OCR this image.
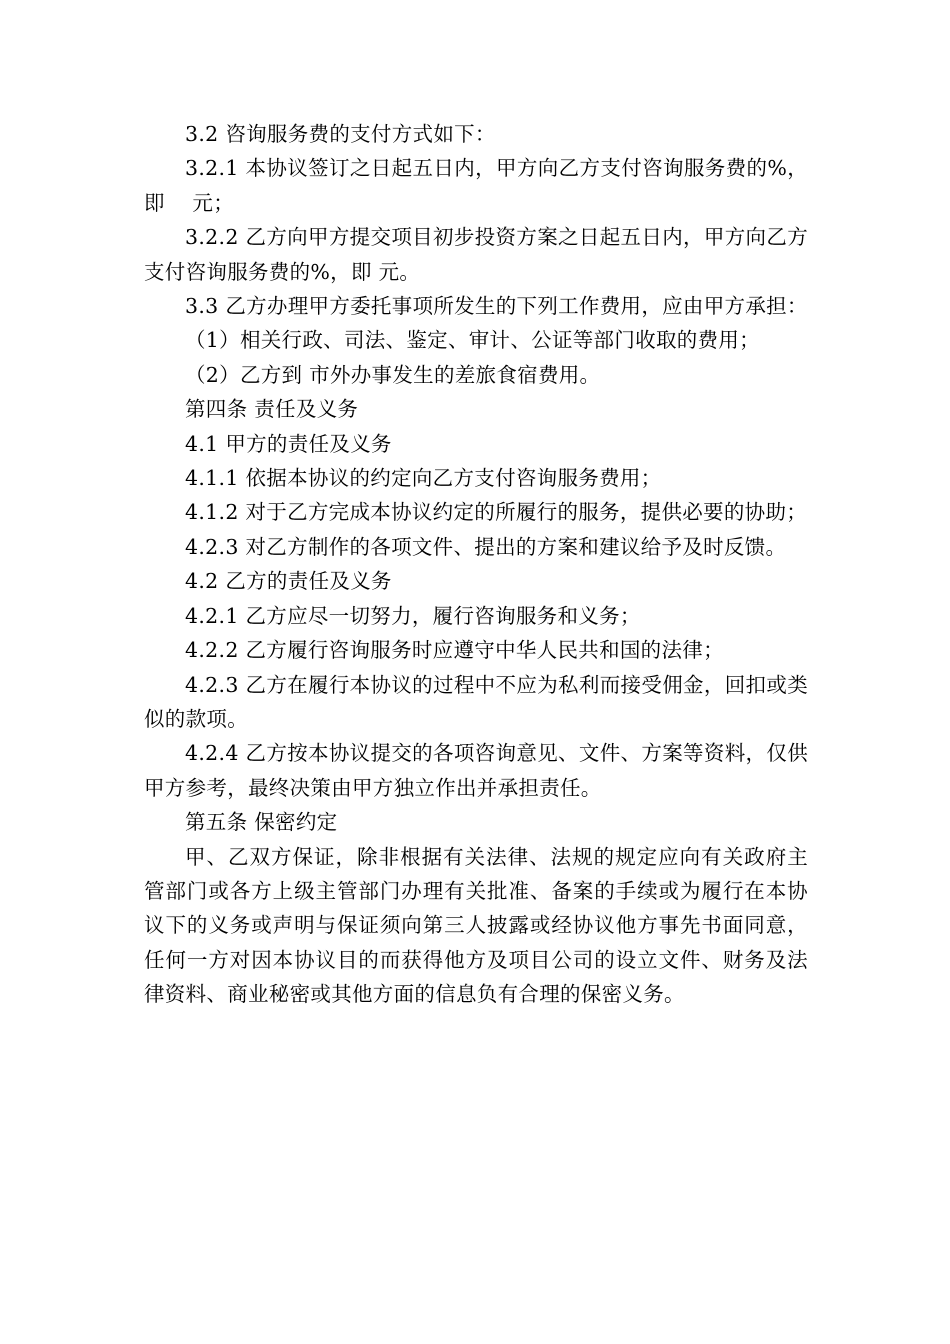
3.2 咨询服务费的支付方式如下：

3.2.1 本协议签订之日起五日内，甲方向乙方支付咨询服务费的%，即　 元；

3.2.2 乙方向甲方提交项目初步投资方案之日起五日内，甲方向乙方支付咨询服务费的%，即 元。

3.3 乙方办理甲方委托事项所发生的下列工作费用，应由甲方承担：

（1）相关行政、司法、鉴定、审计、公证等部门收取的费用；

（2）乙方到 市外办事发生的差旅食宿费用。

第四条 责任及义务

4.1 甲方的责任及义务

4.1.1 依据本协议的约定向乙方支付咨询服务费用；

4.1.2 对于乙方完成本协议约定的所履行的服务，提供必要的协助；

4.2.3 对乙方制作的各项文件、提出的方案和建议给予及时反馈。

4.2 乙方的责任及义务

4.2.1 乙方应尽一切努力，履行咨询服务和义务；

4.2.2 乙方履行咨询服务时应遵守中华人民共和国的法律；

4.2.3 乙方在履行本协议的过程中不应为私利而接受佣金，回扣或类似的款项。

4.2.4 乙方按本协议提交的各项咨询意见、文件、方案等资料，仅供甲方参考，最终决策由甲方独立作出并承担责任。

第五条 保密约定

甲、乙双方保证，除非根据有关法律、法规的规定应向有关政府主管部门或各方上级主管部门办理有关批准、备案的手续或为履行在本协议下的义务或声明与保证须向第三人披露或经协议他方事先书面同意，任何一方对因本协议目的而获得他方及项目公司的设立文件、财务及法律资料、商业秘密或其他方面的信息负有合理的保密义务。
